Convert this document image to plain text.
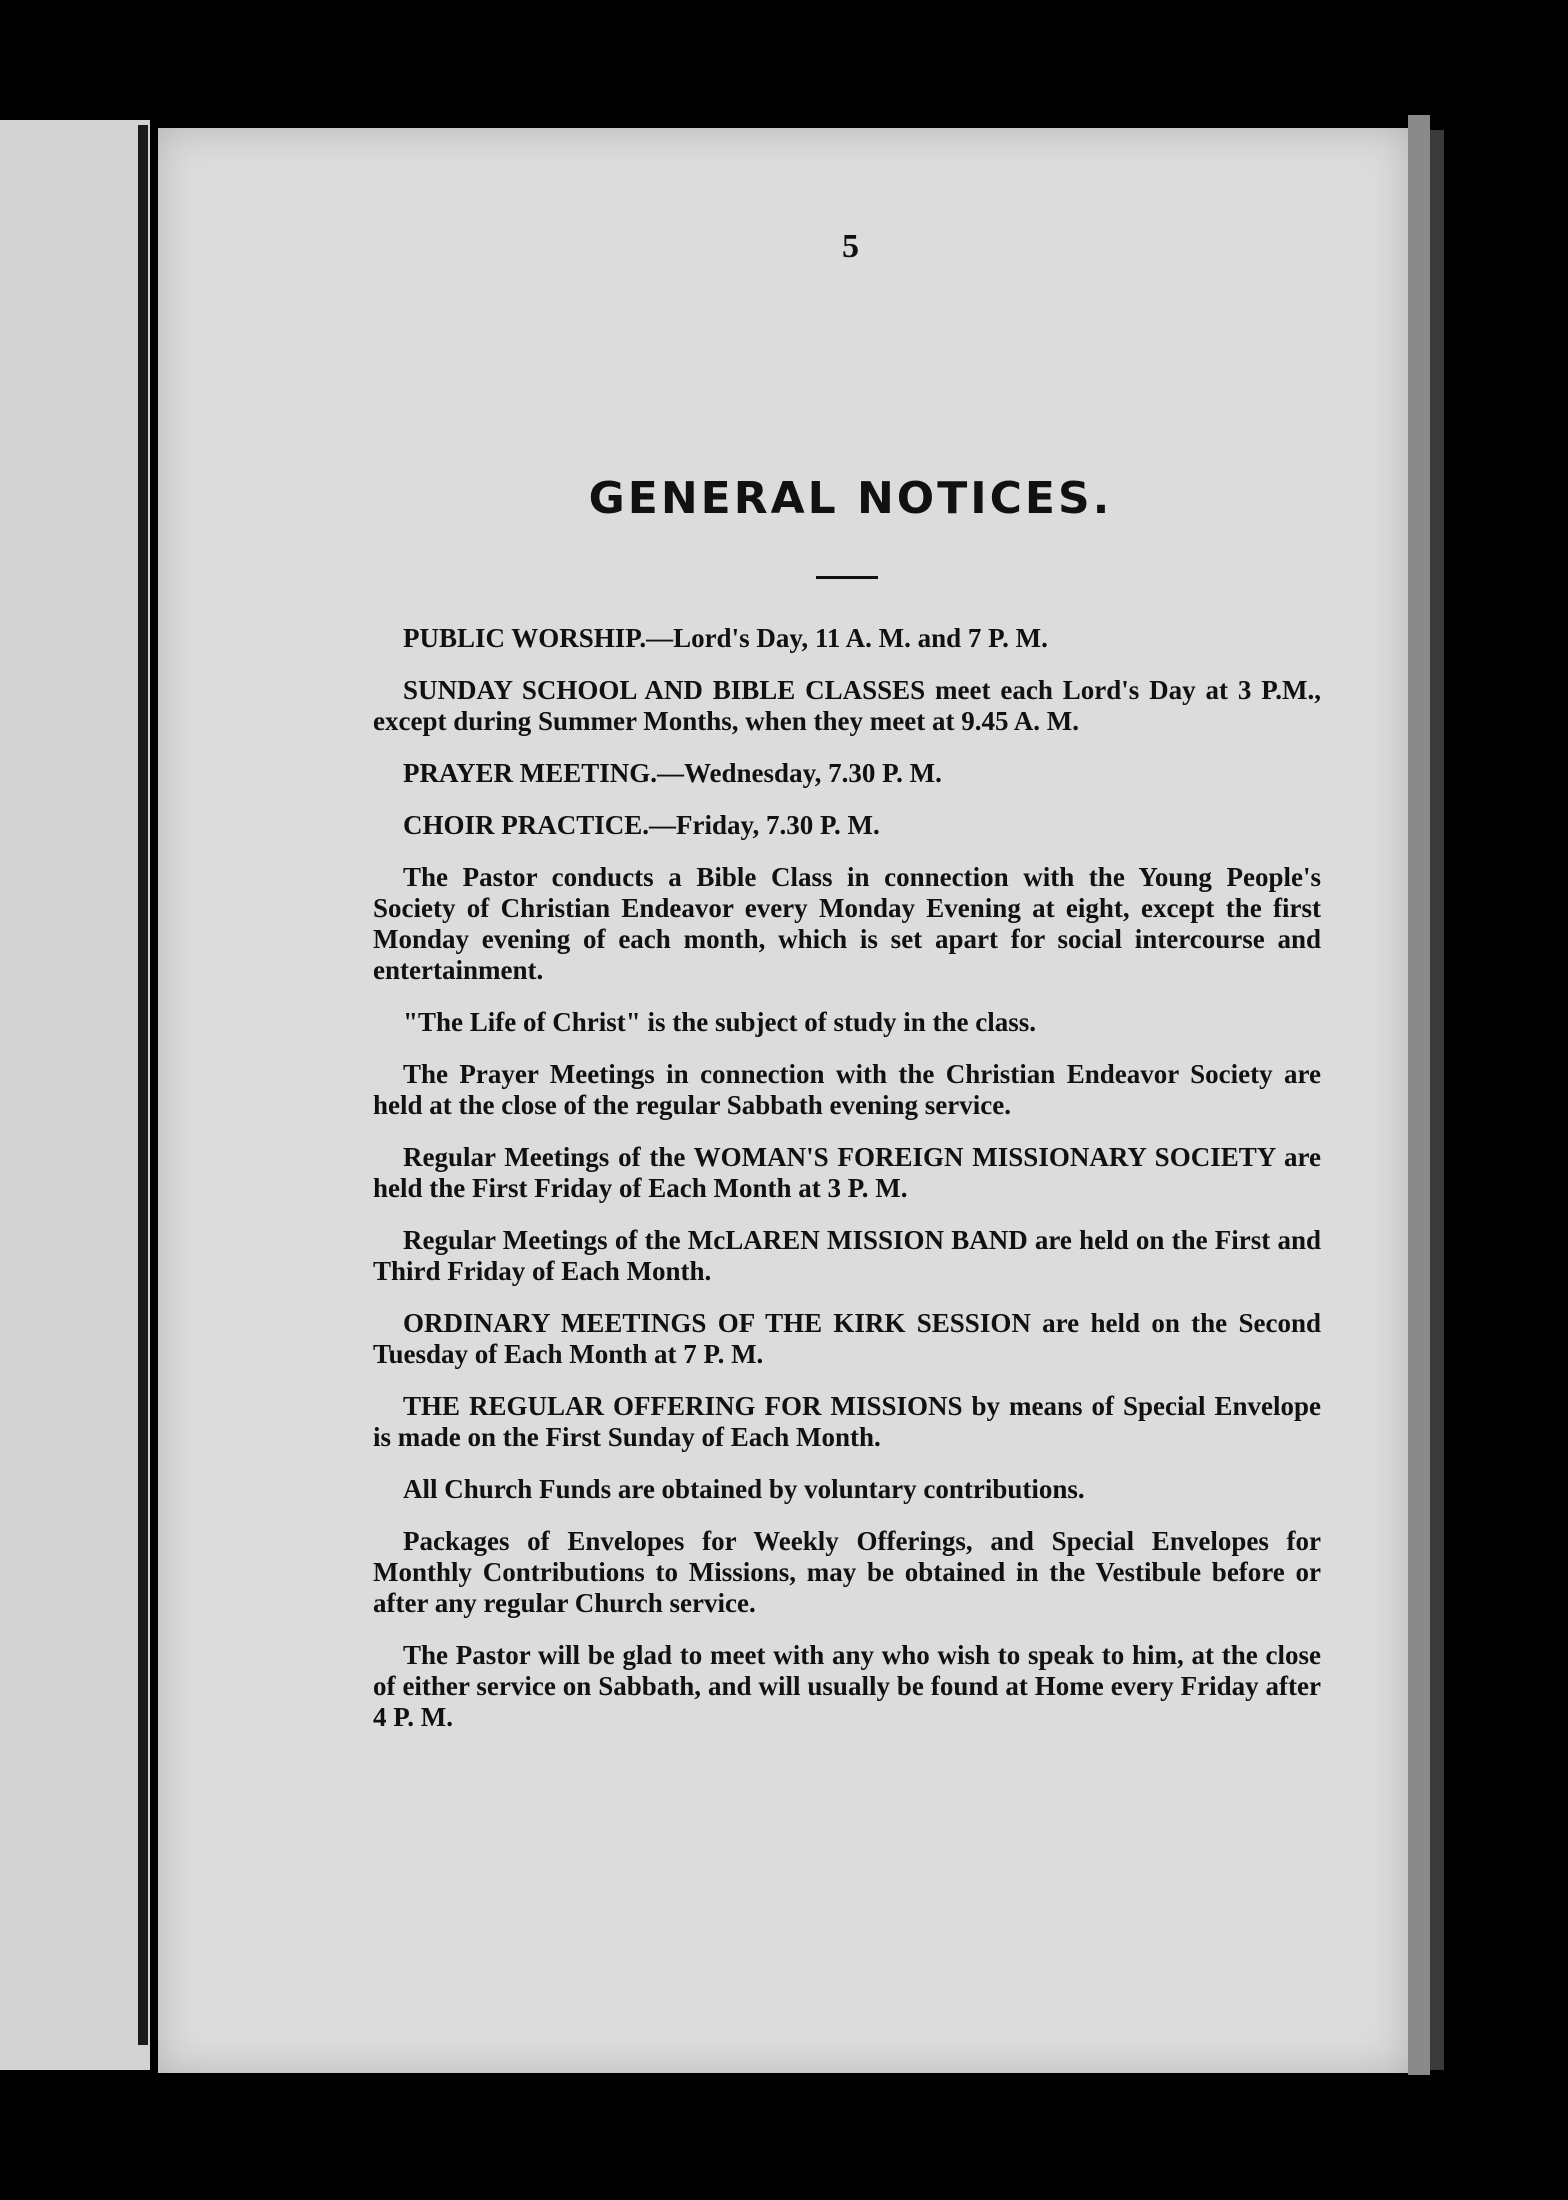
5
GENERAL NOTICES.

PUBLIC WORSHIP.—Lord's Day, 11 A. M. and 7 P. M.

SUNDAY SCHOOL AND BIBLE CLASSES meet each Lord's Day at 3 P.M., except during Summer Months, when they meet at 9.45 A. M.

PRAYER MEETING.—Wednesday, 7.30 P. M.

CHOIR PRACTICE.—Friday, 7.30 P. M.

The Pastor conducts a Bible Class in connection with the Young People's Society of Christian Endeavor every Monday Evening at eight, except the first Monday evening of each month, which is set apart for social intercourse and entertainment.

"The Life of Christ" is the subject of study in the class.

The Prayer Meetings in connection with the Christian Endeavor Society are held at the close of the regular Sabbath evening service.

Regular Meetings of the WOMAN'S FOREIGN MISSIONARY SOCIETY are held the First Friday of Each Month at 3 P. M.

Regular Meetings of the McLAREN MISSION BAND are held on the First and Third Friday of Each Month.

ORDINARY MEETINGS OF THE KIRK SESSION are held on the Second Tuesday of Each Month at 7 P. M.

THE REGULAR OFFERING FOR MISSIONS by means of Special Envelope is made on the First Sunday of Each Month.

All Church Funds are obtained by voluntary contributions.

Packages of Envelopes for Weekly Offerings, and Special Envelopes for Monthly Contributions to Missions, may be obtained in the Vestibule before or after any regular Church service.

The Pastor will be glad to meet with any who wish to speak to him, at the close of either service on Sabbath, and will usually be found at Home every Friday after 4 P. M.
